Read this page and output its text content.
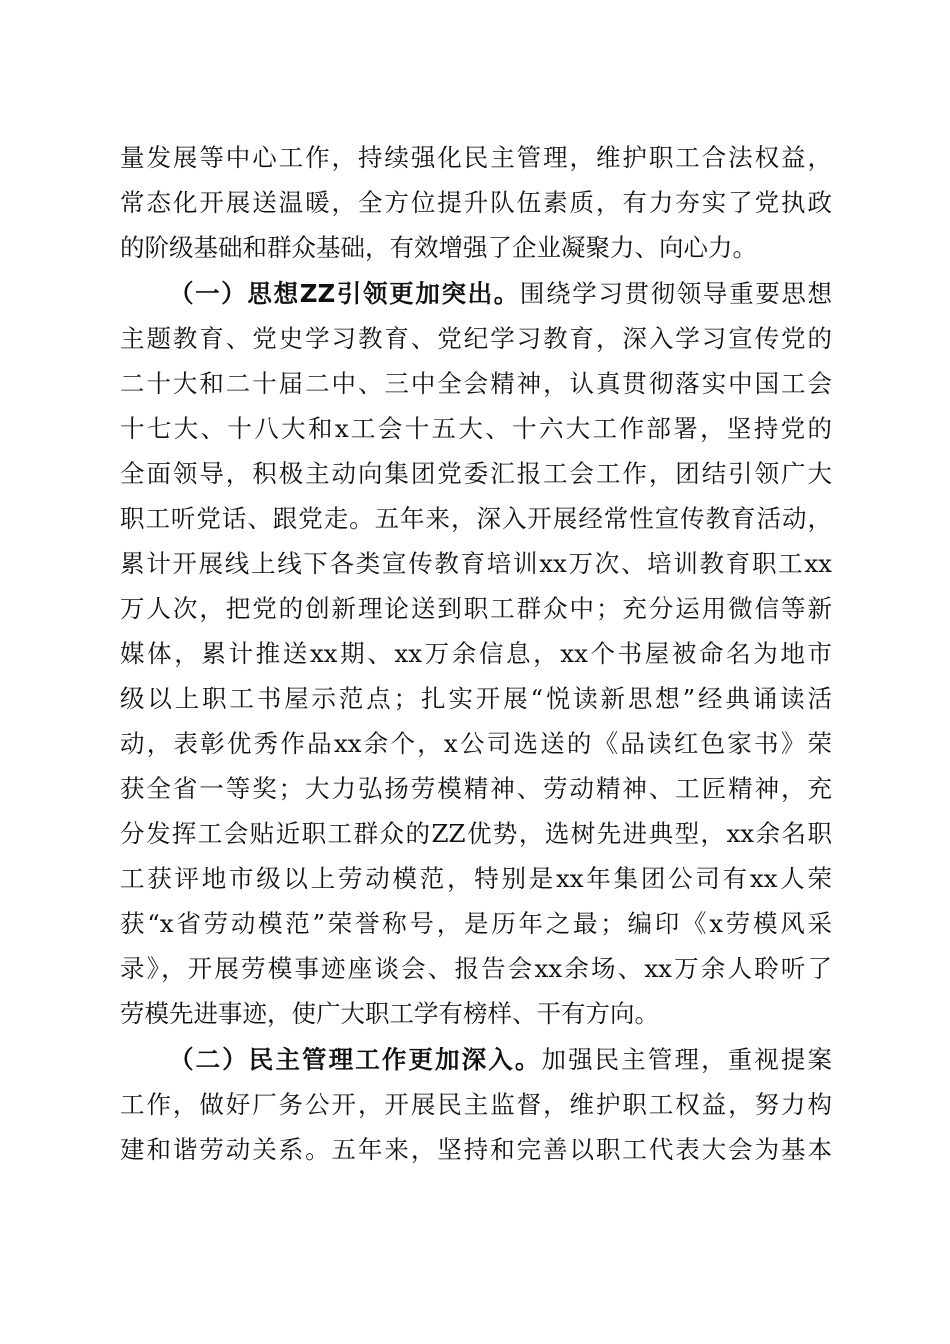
量发展等中心工作，持续强化民主管理，维护职工合法权益，
常态化开展送温暖，全方位提升队伍素质，有力夯实了党执政
的阶级基础和群众基础，有效增强了企业凝聚力、向心力。
（一）思想ZZ引领更加突出。围绕学习贯彻领导重要思想
主题教育、党史学习教育、党纪学习教育，深入学习宣传党的
二十大和二十届二中、三中全会精神，认真贯彻落实中国工会
十七大、十八大和x工会十五大、十六大工作部署，坚持党的
全面领导，积极主动向集团党委汇报工会工作，团结引领广大
职工听党话、跟党走。五年来，深入开展经常性宣传教育活动，
累计开展线上线下各类宣传教育培训xx万次、培训教育职工xx
万人次，把党的创新理论送到职工群众中；充分运用微信等新
媒体，累计推送xx期、xx万余信息，xx个书屋被命名为地市
级以上职工书屋示范点；扎实开展“悦读新思想”经典诵读活
动，表彰优秀作品xx余个，x公司选送的《品读红色家书》荣
获全省一等奖；大力弘扬劳模精神、劳动精神、工匠精神，充
分发挥工会贴近职工群众的ZZ优势，选树先进典型，xx余名职
工获评地市级以上劳动模范，特别是xx年集团公司有xx人荣
获“x省劳动模范”荣誉称号，是历年之最；编印《x劳模风采
录》，开展劳模事迹座谈会、报告会xx余场、xx万余人聆听了
劳模先进事迹，使广大职工学有榜样、干有方向。
（二）民主管理工作更加深入。加强民主管理，重视提案
工作，做好厂务公开，开展民主监督，维护职工权益，努力构
建和谐劳动关系。五年来，坚持和完善以职工代表大会为基本
